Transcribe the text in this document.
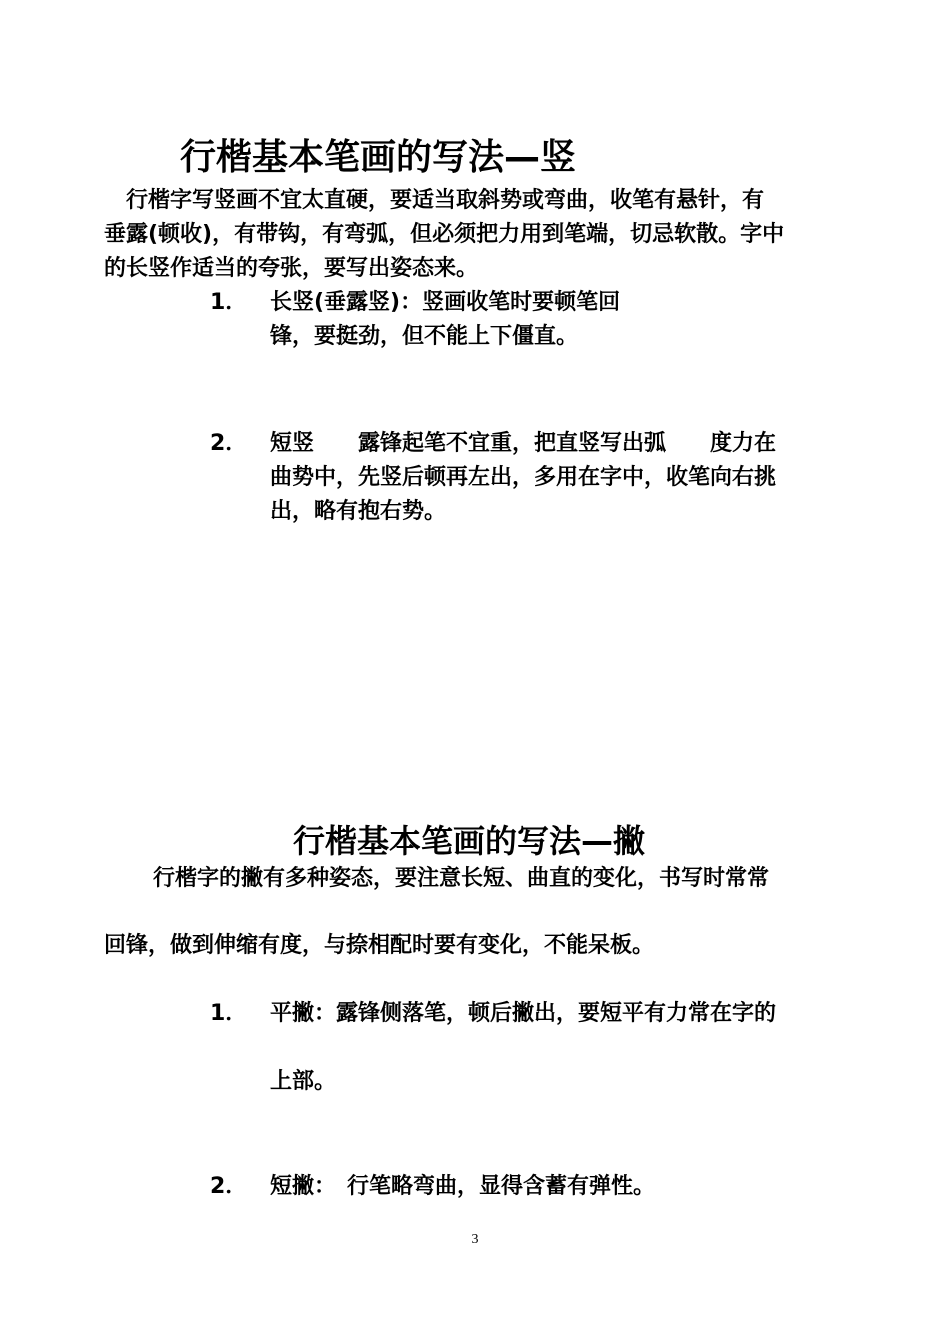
行楷基本笔画的写法—竖
行楷字写竖画不宜太直硬，要适当取斜势或弯曲，收笔有悬针，有
垂露(顿收)，有带钩，有弯弧，但必须把力用到笔端，切忌软散。字中
的长竖作适当的夸张，要写出姿态来。
1． 长竖(垂露竖)：竖画收笔时要顿笔回
锋，要挺劲，但不能上下僵直。
2． 短竖　　露锋起笔不宜重，把直竖写出弧　　度力在
曲势中，先竖后顿再左出，多用在字中，收笔向右挑
出，略有抱右势。
行楷基本笔画的写法—撇
行楷字的撇有多种姿态，要注意长短、曲直的变化，书写时常常
回锋，做到伸缩有度，与捺相配时要有变化，不能呆板。
1． 平撇：露锋侧落笔，顿后撇出，要短平有力常在字的
上部。
2． 短撇：　行笔略弯曲，显得含蓄有弹性。
3
